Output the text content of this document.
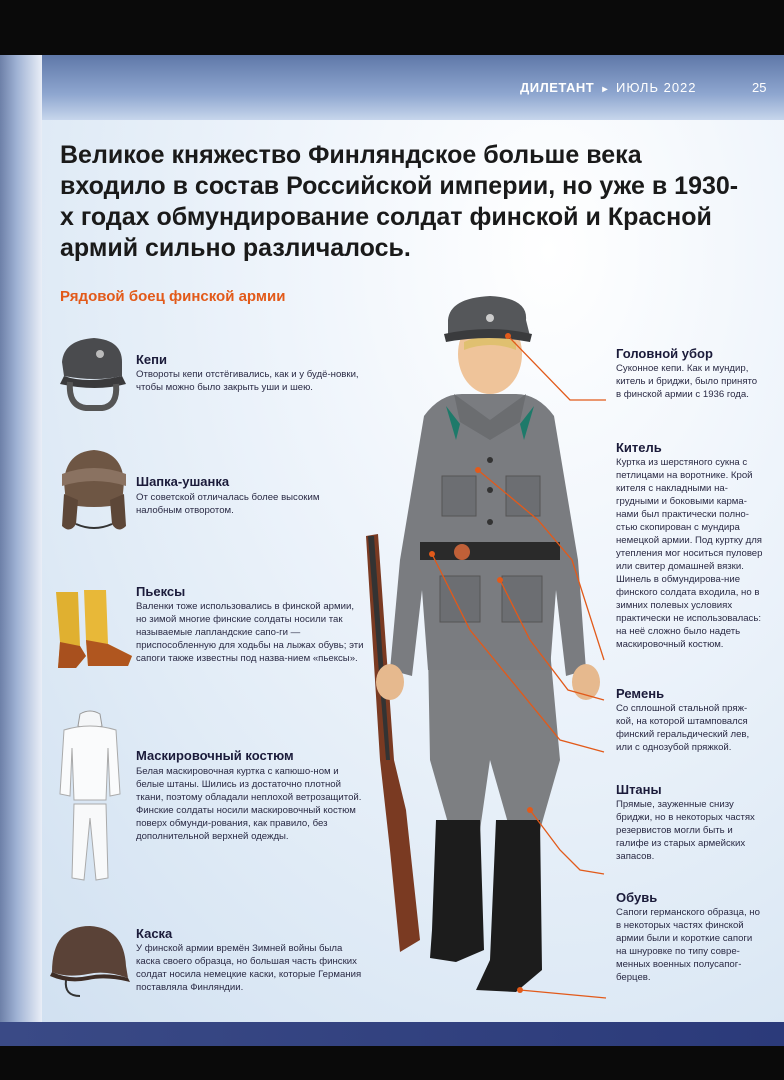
ДИЛЕТАНТ ▸ ИЮЛЬ 2022	25
Великое княжество Финляндское больше века входило в состав Российской империи, но уже в 1930-х годах обмундирование солдат финской и Красной армий сильно различалось.
Рядовой боец финской армии
Кепи
Отвороты кепи отстёгивались, как и у будё-новки, чтобы можно было закрыть уши и шею.
Шапка-ушанка
От советской отличалась более высоким налобным отворотом.
Пьексы
Валенки тоже использовались в финской армии, но зимой многие финские солдаты носили так называемые лапландские сапо-ги — приспособленную для ходьбы на лыжах обувь; эти сапоги также известны под назва-нием «пьексы».
Маскировочный костюм
Белая маскировочная куртка с капюшо-ном и белые штаны. Шились из достаточно плотной ткани, поэтому обладали неплохой ветрозащитой. Финские солдаты носили маскировочный костюм поверх обмунди-рования, как правило, без дополнительной верхней одежды.
Каска
У финской армии времён Зимней войны была каска своего образца, но большая часть финских солдат носила немецкие каски, которые Германия поставляла Финляндии.
Головной убор
Суконное кепи. Как и мундир, китель и бриджи, было принято в финской армии с 1936 года.
Китель
Куртка из шерстяного сукна с петлицами на воротнике. Крой кителя с накладными на-грудными и боковыми карма-нами был практически полно-стью скопирован с мундира немецкой армии. Под куртку для утепления мог носиться пуловер или свитер домашней вязки. Шинель в обмундирова-ние финского солдата входила, но в зимних полевых условиях практически не использовалась: на неё сложно было надеть маскировочный костюм.
Ремень
Со сплошной стальной пряж-кой, на которой штамповался финский геральдический лев, или с однозубой пряжкой.
Штаны
Прямые, зауженные снизу бриджи, но в некоторых частях резервистов могли быть и галифе из старых армейских запасов.
Обувь
Сапоги германского образца, но в некоторых частях финской армии были и короткие сапоги на шнуровке по типу совре-менных военных полусапог-берцев.
